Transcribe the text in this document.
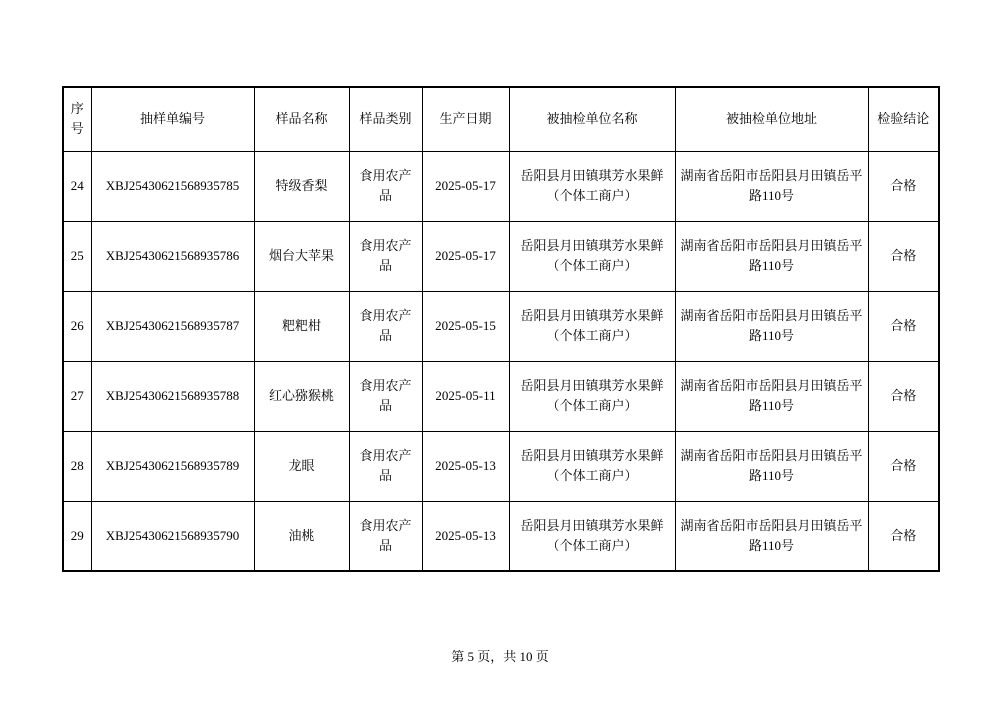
序号	抽样单编号	样品名称	样品类别	生产日期	被抽检单位名称	被抽检单位地址	检验结论
24	XBJ25430621568935785	特级香梨	食用农产品	2025-05-17	岳阳县月田镇琪芳水果鲜（个体工商户）	湖南省岳阳市岳阳县月田镇岳平路110号	合格
25	XBJ25430621568935786	烟台大苹果	食用农产品	2025-05-17	岳阳县月田镇琪芳水果鲜（个体工商户）	湖南省岳阳市岳阳县月田镇岳平路110号	合格
26	XBJ25430621568935787	粑粑柑	食用农产品	2025-05-15	岳阳县月田镇琪芳水果鲜（个体工商户）	湖南省岳阳市岳阳县月田镇岳平路110号	合格
27	XBJ25430621568935788	红心猕猴桃	食用农产品	2025-05-11	岳阳县月田镇琪芳水果鲜（个体工商户）	湖南省岳阳市岳阳县月田镇岳平路110号	合格
28	XBJ25430621568935789	龙眼	食用农产品	2025-05-13	岳阳县月田镇琪芳水果鲜（个体工商户）	湖南省岳阳市岳阳县月田镇岳平路110号	合格
29	XBJ25430621568935790	油桃	食用农产品	2025-05-13	岳阳县月田镇琪芳水果鲜（个体工商户）	湖南省岳阳市岳阳县月田镇岳平路110号	合格
第 5 页，共 10 页
